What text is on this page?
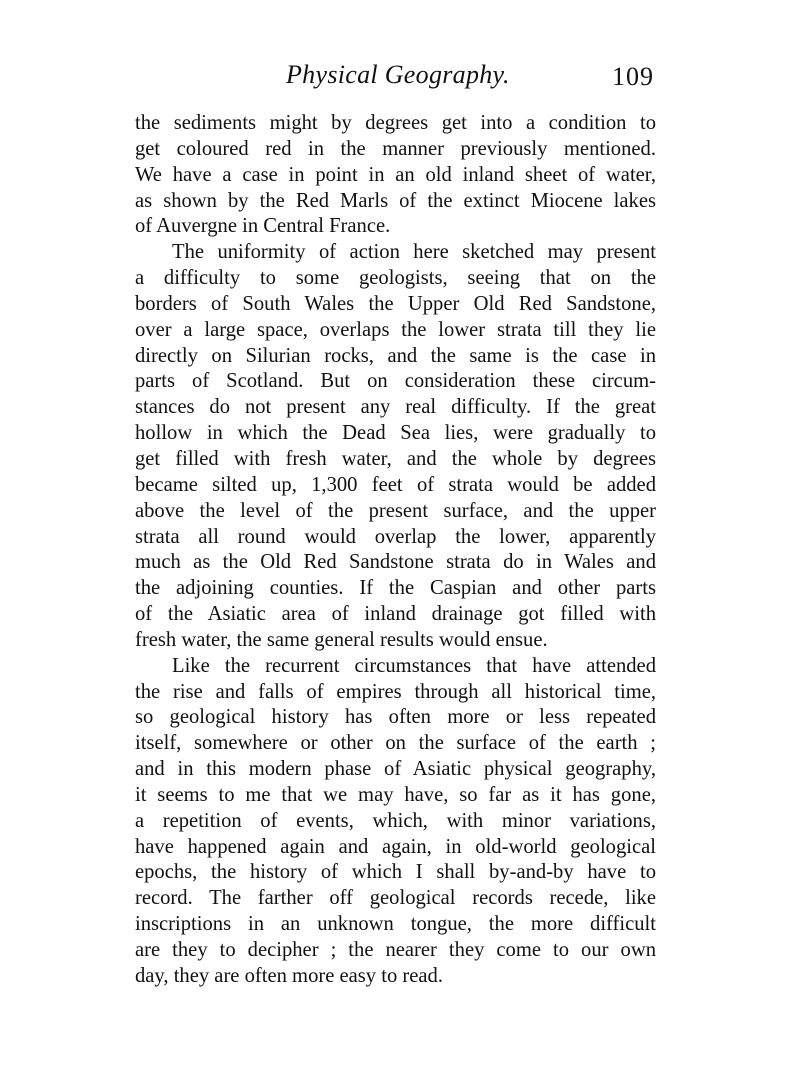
Physical Geography.	109
the sediments might by degrees get into a condition to
get coloured red in the manner previously mentioned.
We have a case in point in an old inland sheet of water,
as shown by the Red Marls of the extinct Miocene lakes
of Auvergne in Central France.
The uniformity of action here sketched may present
a difficulty to some geologists, seeing that on the
borders of South Wales the Upper Old Red Sandstone,
over a large space, overlaps the lower strata till they lie
directly on Silurian rocks, and the same is the case in
parts of Scotland. But on consideration these circum-
stances do not present any real difficulty. If the great
hollow in which the Dead Sea lies, were gradually to
get filled with fresh water, and the whole by degrees
became silted up, 1,300 feet of strata would be added
above the level of the present surface, and the upper
strata all round would overlap the lower, apparently
much as the Old Red Sandstone strata do in Wales and
the adjoining counties. If the Caspian and other parts
of the Asiatic area of inland drainage got filled with
fresh water, the same general results would ensue.
Like the recurrent circumstances that have attended
the rise and falls of empires through all historical time,
so geological history has often more or less repeated
itself, somewhere or other on the surface of the earth ;
and in this modern phase of Asiatic physical geography,
it seems to me that we may have, so far as it has gone,
a repetition of events, which, with minor variations,
have happened again and again, in old-world geological
epochs, the history of which I shall by-and-by have to
record. The farther off geological records recede, like
inscriptions in an unknown tongue, the more difficult
are they to decipher ; the nearer they come to our own
day, they are often more easy to read.
